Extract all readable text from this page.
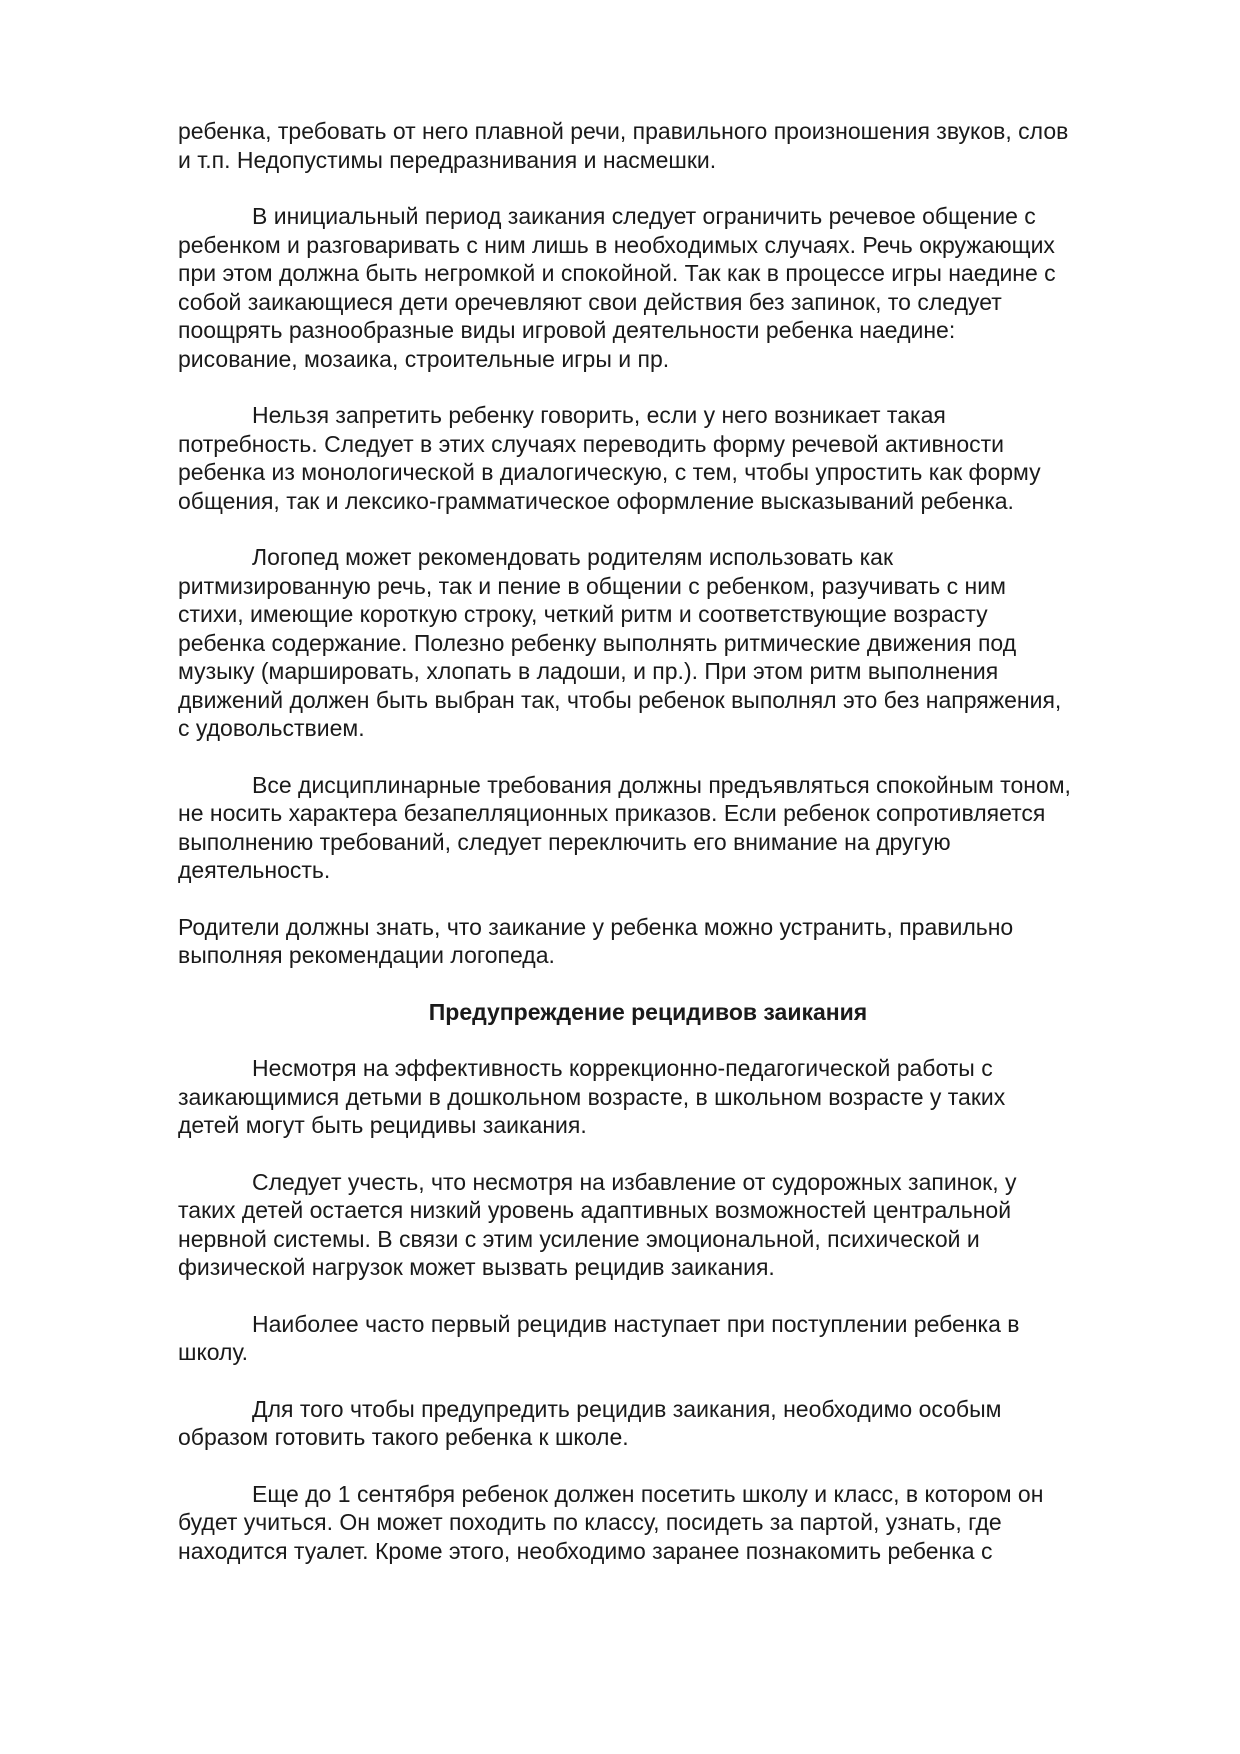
ребенка, требовать от него плавной речи, правильного произношения звуков, слов
и т.п. Недопустимы передразнивания и насмешки.
В инициальный период заикания следует ограничить речевое общение с
ребенком и разговаривать с ним лишь в необходимых случаях. Речь окружающих
при этом должна быть негромкой и спокойной. Так как в процессе игры наедине с
собой заикающиеся дети оречевляют свои действия без запинок, то следует
поощрять разнообразные виды игровой деятельности ребенка наедине:
рисование, мозаика, строительные игры и пр.
Нельзя запретить ребенку говорить, если у него возникает такая
потребность. Следует в этих случаях переводить форму речевой активности
ребенка из монологической в диалогическую, с тем, чтобы упростить как форму
общения, так и лексико-грамматическое оформление высказываний ребенка.
Логопед может рекомендовать родителям использовать как
ритмизированную речь, так и пение в общении с ребенком, разучивать с ним
стихи, имеющие короткую строку, четкий ритм и соответствующие возрасту
ребенка содержание. Полезно ребенку выполнять ритмические движения под
музыку (маршировать, хлопать в ладоши, и пр.). При этом ритм выполнения
движений должен быть выбран так, чтобы ребенок выполнял это без напряжения,
с удовольствием.
Все дисциплинарные требования должны предъявляться спокойным тоном,
не носить характера безапелляционных приказов. Если ребенок сопротивляется
выполнению требований, следует переключить его внимание на другую
деятельность.
Родители должны знать, что заикание у ребенка можно устранить, правильно
выполняя рекомендации логопеда.
Предупреждение рецидивов заикания
Несмотря на эффективность коррекционно-педагогической работы с
заикающимися детьми в дошкольном возрасте, в школьном возрасте у таких
детей могут быть рецидивы заикания.
Следует учесть, что несмотря на избавление от судорожных запинок, у
таких детей остается низкий уровень адаптивных возможностей центральной
нервной системы. В связи с этим усиление эмоциональной, психической и
физической нагрузок может вызвать рецидив заикания.
Наиболее часто первый рецидив наступает при поступлении ребенка в
школу.
Для того чтобы предупредить рецидив заикания, необходимо особым
образом готовить такого ребенка к школе.
Еще до 1 сентября ребенок должен посетить школу и класс, в котором он
будет учиться. Он может походить по классу, посидеть за партой, узнать, где
находится туалет. Кроме этого, необходимо заранее познакомить ребенка с
